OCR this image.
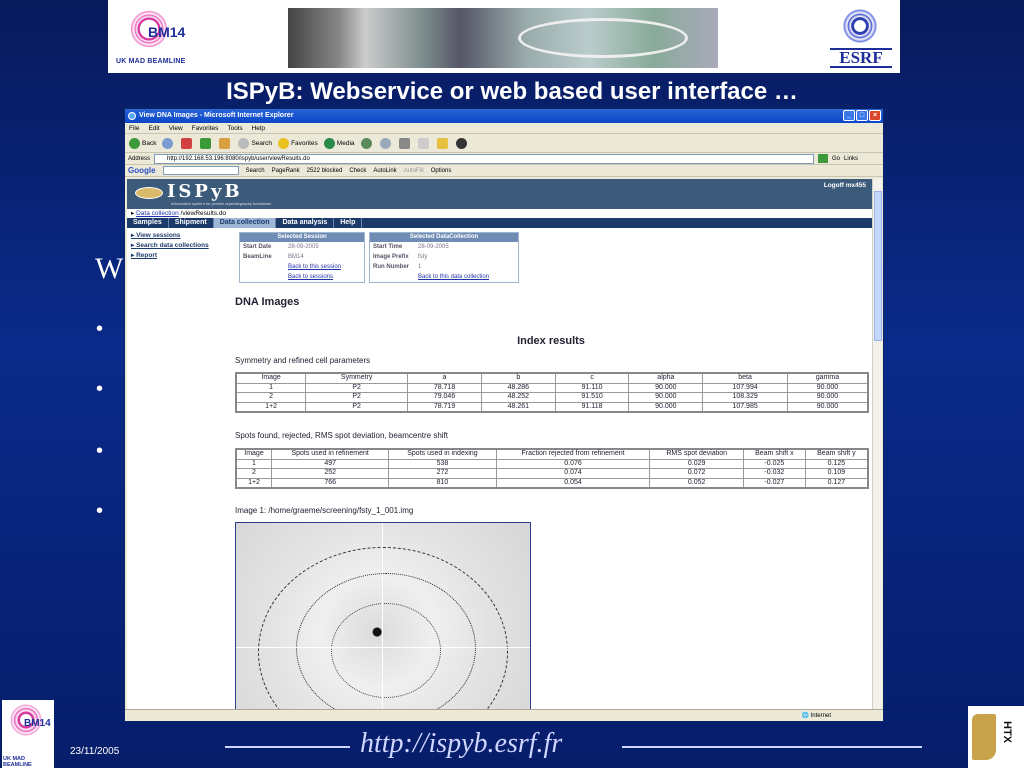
BM14
UK MAD BEAMLINE	ESRF
ISPyB: Webservice or web based user interface …
W
•
•
•
•
View DNA Images - Microsoft Internet Explorer	_	□	×
File Edit View Favorites Tools Help
Back	Search	Favorites	Media
Address	http://192.168.53.196:8080/ispyb/user/viewResults.do	Go Links
Google	Search PageRank 2522 blocked Check AutoLink AutoFill Options
ISPyB
Information system for protein crystallography beamlines
Logoff mx455
▸ Data collection /viewResults.do
Samples	Shipment	Data collection	Data analysis	Help
▸ View sessions
▸ Search data collections
▸ Report
Selected Session
Start Date	28-09-2005
BeamLine	BM14
Back to this session
Back to sessions
Selected DataCollection
Start Time	28-09-2005
Image Prefix	fsty
Run Number	1
Back to this data collection
DNA Images
Index results
Symmetry and refined cell parameters
Image	Symmetry	a	b	c	alpha	beta	gamma
1	P2	78.718	48.286	91.110	90.000	107.994	90.000
2	P2	79.046	48.252	91.510	90.000	108.329	90.000
1+2	P2	78.719	48.261	91.118	90.000	107.985	90.000
Spots found, rejected, RMS spot deviation, beamcentre shift
Image	Spots used in refinement	Spots used in indexing	Fraction rejected from refinement	RMS spot deviation	Beam shift x	Beam shift y
1	497	538	0.076	0.029	-0.025	0.125
2	252	272	0.074	0.072	-0.032	0.109
1+2	766	810	0.054	0.052	-0.027	0.127
Image 1: /home/graeme/screening/fsty_1_001.img
🌐 Internet
BM14
UK MAD BEAMLINE
23/11/2005	http://ispyb.esrf.fr	HTX
